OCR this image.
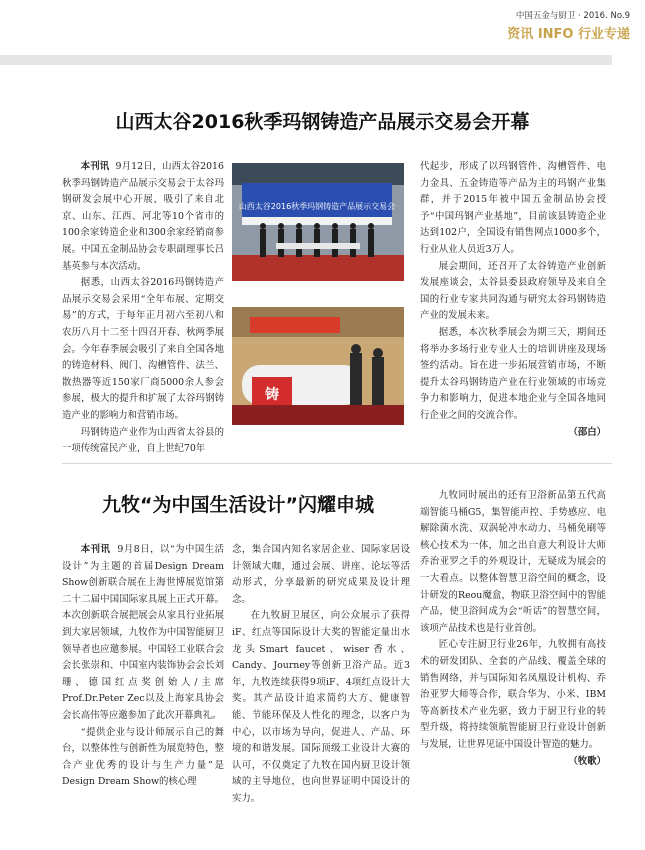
中国五金与厨卫 · 2016. No.9
资讯 INFO 行业专递
山西太谷2016秋季玛钢铸造产品展示交易会开幕

本刊讯 9月12日，山西太谷2016秋季玛钢铸造产品展示交易会于太谷玛钢研发会展中心开展，吸引了来自北京、山东、江西、河北等10个省市的100余家铸造企业和300余家经销商参展。中国五金制品协会专职副理事长吕基英参与本次活动。

据悉，山西太谷2016玛钢铸造产品展示交易会采用“全年布展、定期交易”的方式，于每年正月初六至初八和农历八月十二至十四召开春、秋两季展会。今年春季展会吸引了来自全国各地的铸造材料、阀门、沟槽管件、法兰、散热器等近150家厂商5000余人参会参展，极大的提升和扩展了太谷玛钢铸造产业的影响力和营销市场。

玛钢铸造产业作为山西省太谷县的一项传统富民产业，自上世纪70年

山西太谷2016秋季玛钢铸造产品展示交易会
铸

代起步，形成了以玛钢管件、沟槽管件、电力金具、五金铸造等产品为主的玛钢产业集群，并于2015年被中国五金制品协会授予“中国玛钢产业基地”，目前该县铸造企业达到102户，全国设有销售网点1000多个，行业从业人员近3万人。

展会期间，还召开了太谷铸造产业创新发展座谈会，太谷县委县政府领导及来自全国的行业专家共同沟通与研究太谷玛钢铸造产业的发展未来。

据悉，本次秋季展会为期三天，期间还将举办多场行业专业人士的培训讲座及现场签约活动。旨在进一步拓展营销市场，不断提升太谷玛钢铸造产业在行业领域的市场竞争力和影响力，促进本地企业与全国各地同行企业之间的交流合作。

（邵白）
九牧“为中国生活设计”闪耀申城

本刊讯 9月8日，以“为中国生活设计”为主题的首届Design Dream Show创新联合展在上海世博展览馆第二十二届中国国际家具展上正式开幕。本次创新联合展把展会从家具行业拓展到大家居领域，九牧作为中国智能厨卫领导者也应邀参展。中国轻工业联合会会长张崇和、中国室内装饰协会会长刘珊、德国红点奖创始人/主席Prof.Dr.Peter Zec以及上海家具协会会长高伟等应邀参加了此次开幕典礼。

“提供企业与设计师展示自己的舞台，以整体性与创新性为展览特色，整合产业优秀的设计与生产力量”是Design Dream Show的核心理

念，集合国内知名家居企业、国际家居设计领域大咖，通过会展、讲座、论坛等活动形式，分享最新的研究成果及设计理念。

在九牧厨卫展区，向公众展示了获得iF、红点等国际设计大奖的智能定量出水龙头Smart faucet、wiser香水、Candy、Journey等创新卫浴产品。近3年，九牧连续获得9项iF、4项红点设计大奖。其产品设计追求简约大方、健康智能、节能环保及人性化的理念，以客户为中心，以市场为导向，促进人、产品、环境的和谐发展。国际顶级工业设计大赛的认可，不仅奠定了九牧在国内厨卫设计领域的主导地位，也向世界证明中国设计的实力。

九牧同时展出的还有卫浴新品第五代高端智能马桶G5，集智能声控、手势感应、电解除菌水洗、双涡轮冲水动力、马桶免刷等核心技术为一体，加之出自意大利设计大师乔治亚罗之手的外观设计，无疑成为展会的一大看点。以整体智慧卫浴空间的概念，设计研发的Reou魔盒，物联卫浴空间中的智能产品，使卫浴间成为会“听话”的智慧空间，该项产品技术也是行业首创。

匠心专注厨卫行业26年，九牧拥有高技术的研发团队、全套的产品线、覆盖全球的销售网络，并与国际知名凤凰设计机构、乔治亚罗大师等合作，联合华为、小米、IBM等高新技术产业先驱，致力于厨卫行业的转型升级，将持续领航智能厨卫行业设计创新与发展，让世界见证中国设计智造的魅力。

（牧歌）
